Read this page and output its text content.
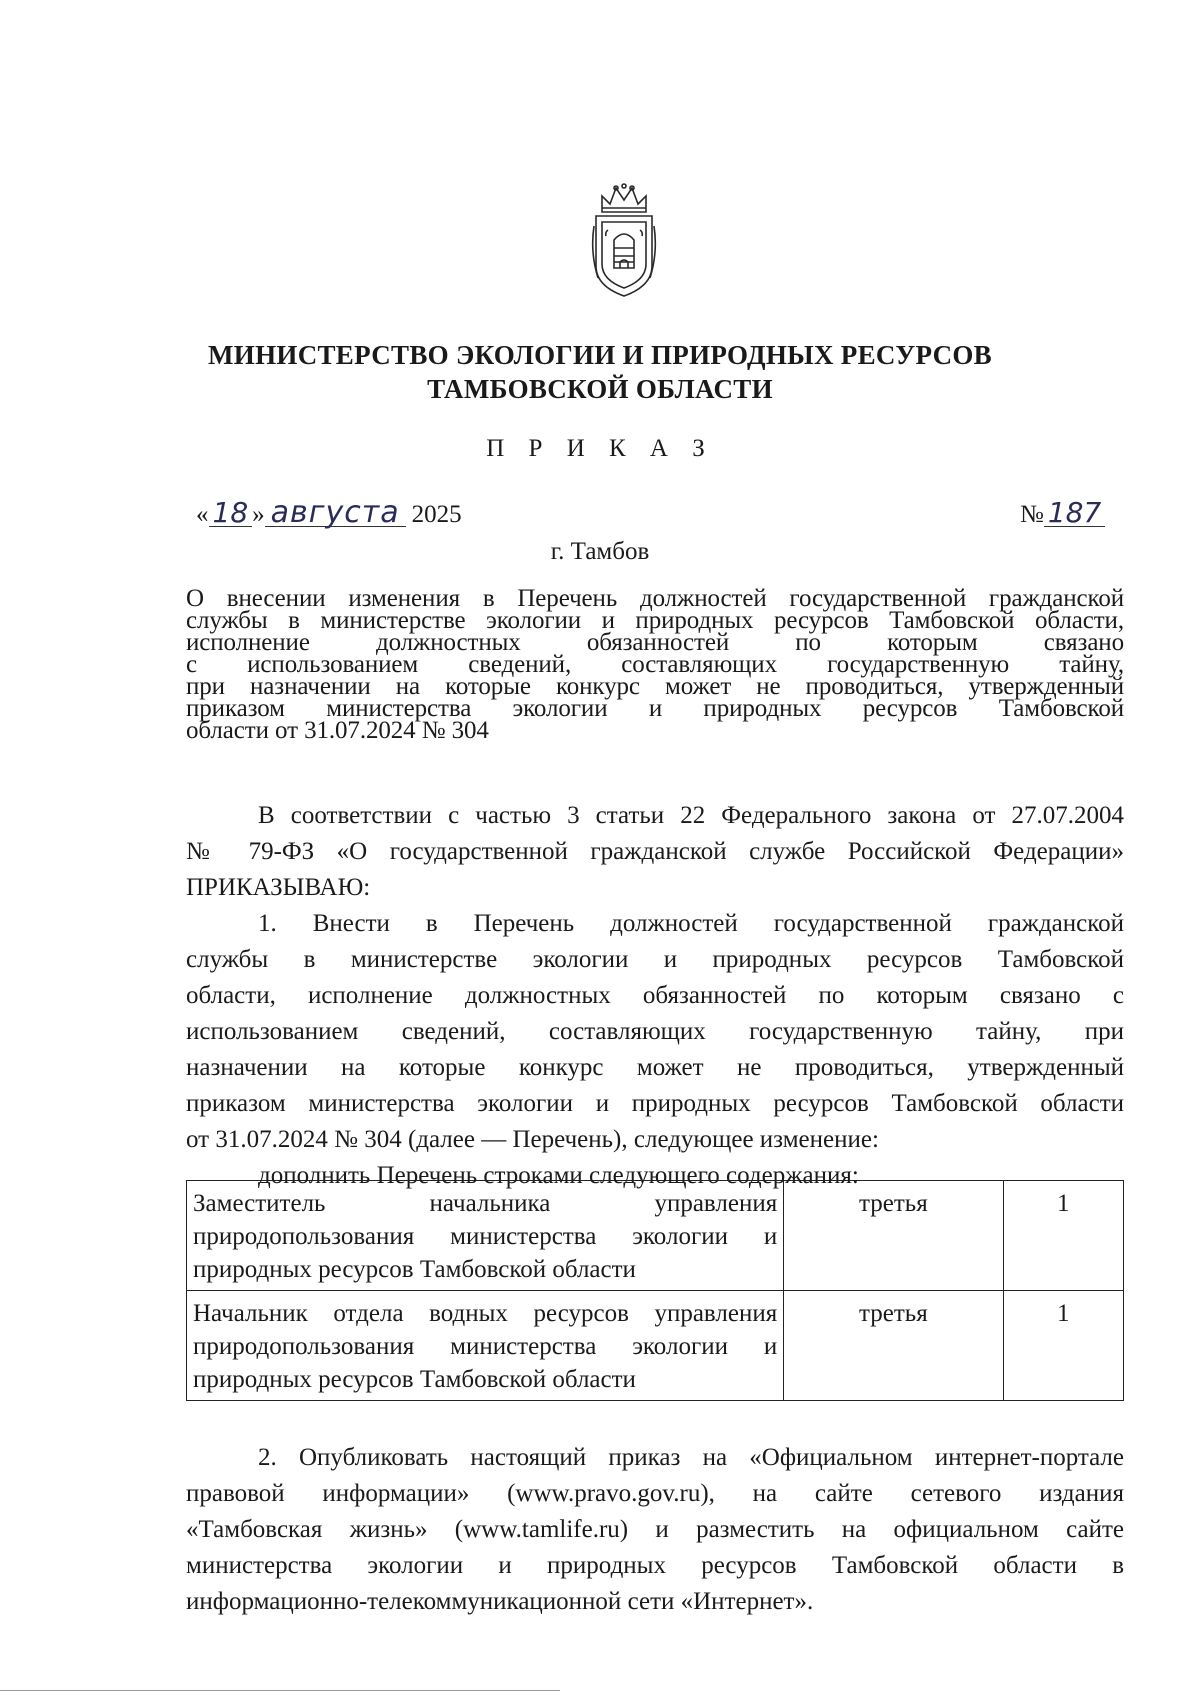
МИНИСТЕРСТВО ЭКОЛОГИИ И ПРИРОДНЫХ РЕСУРСОВ
ТАМБОВСКОЙ ОБЛАСТИ
П Р И К А З
« 18 » августа 2025	№ 187
г. Тамбов
О внесении изменения в Перечень должностей государственной гражданской
службы в министерстве экологии и природных ресурсов Тамбовской области,
исполнение должностных обязанностей по которым связано
с использованием сведений, составляющих государственную тайну,
при назначении на которые конкурс может не проводиться, утвержденный
приказом министерства экологии и природных ресурсов Тамбовской
области от 31.07.2024 № 304
В соответствии с частью 3 статьи 22 Федерального закона от 27.07.2004
№ 79-ФЗ «О государственной гражданской службе Российской Федерации»
ПРИКАЗЫВАЮ:
1. Внести в Перечень должностей государственной гражданской
службы в министерстве экологии и природных ресурсов Тамбовской
области, исполнение должностных обязанностей по которым связано с
использованием сведений, составляющих государственную тайну, при
назначении на которые конкурс может не проводиться, утвержденный
приказом министерства экологии и природных ресурсов Тамбовской области
от 31.07.2024 № 304 (далее — Перечень), следующее изменение:
дополнить Перечень строками следующего содержания:
Заместитель начальника управления
природопользования министерства экологии и
природных ресурсов Тамбовской области	третья	1

Начальник отдела водных ресурсов управления
природопользования министерства экологии и
природных ресурсов Тамбовской области	третья	1
2. Опубликовать настоящий приказ на «Официальном интернет-портале
правовой информации» (www.pravo.gov.ru), на сайте сетевого издания
«Тамбовская жизнь» (www.tamlife.ru) и разместить на официальном сайте
министерства экологии и природных ресурсов Тамбовской области в
информационно-телекоммуникационной сети «Интернет».
